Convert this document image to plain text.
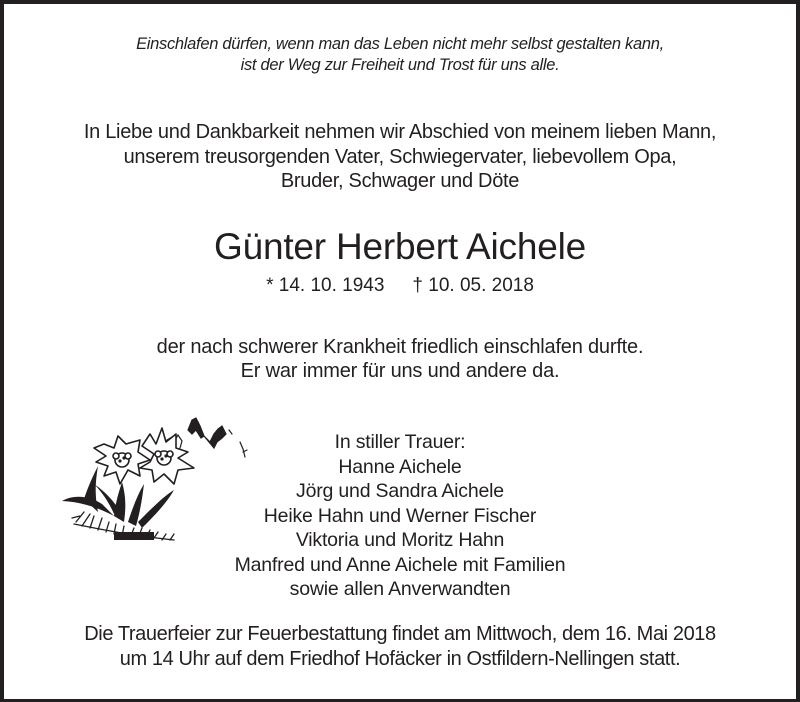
Einschlafen dürfen, wenn man das Leben nicht mehr selbst gestalten kann,
ist der Weg zur Freiheit und Trost für uns alle.
In Liebe und Dankbarkeit nehmen wir Abschied von meinem lieben Mann,
unserem treusorgenden Vater, Schwiegervater, liebevollem Opa,
Bruder, Schwager und Döte
Günter Herbert Aichele
* 14. 10. 1943 † 10. 05. 2018
der nach schwerer Krankheit friedlich einschlafen durfte.
Er war immer für uns und andere da.
In stiller Trauer:
Hanne Aichele
Jörg und Sandra Aichele
Heike Hahn und Werner Fischer
Viktoria und Moritz Hahn
Manfred und Anne Aichele mit Familien
sowie allen Anverwandten
Die Trauerfeier zur Feuerbestattung findet am Mittwoch, dem 16. Mai 2018
um 14 Uhr auf dem Friedhof Hofäcker in Ostfildern-Nellingen statt.
